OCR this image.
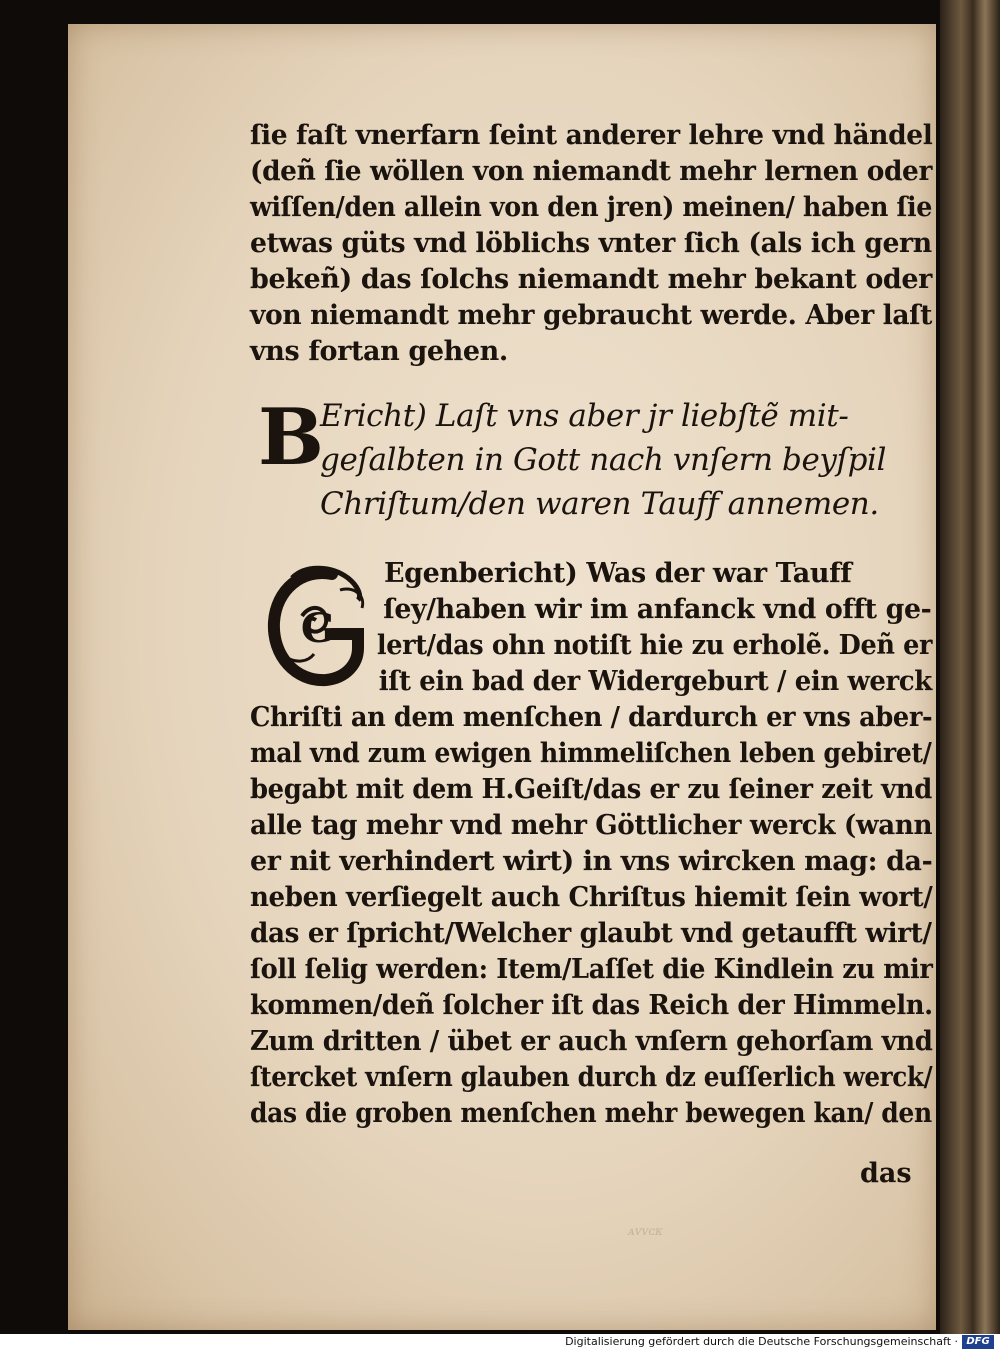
ſie faſt vnerfarn ſeint anderer lehre vnd händel
(deñ ſie wöllen von niemandt mehr lernen oder
wiſſen/den allein von den jren) meinen/ haben ſie
etwas güts vnd löblichs vnter ſich (als ich gern
bekeñ) das ſolchs niemandt mehr bekant oder
von niemandt mehr gebraucht werde. Aber laſt
vns fortan gehen.
Ericht) Laſt vns aber jr liebſtẽ mit-
geſalbten in Gott nach vnſern beyſpil
Chriſtum/den waren Tauff annemen.
Egenbericht) Was der war Tauff
ſey/haben wir im anfanck vnd offt ge-
lert/das ohn notiſt hie zu erholẽ. Deñ er
iſt ein bad der Widergeburt / ein werck
Chriſti an dem menſchen / dardurch er vns aber-
mal vnd zum ewigen himmeliſchen leben gebiret/
begabt mit dem H.Geiſt/das er zu ſeiner zeit vnd
alle tag mehr vnd mehr Göttlicher werck (wann
er nit verhindert wirt) in vns wircken mag: da-
neben verſiegelt auch Chriſtus hiemit ſein wort/
das er ſpricht/Welcher glaubt vnd getaufft wirt/
ſoll ſelig werden: Item/Laſſet die Kindlein zu mir
kommen/deñ ſolcher iſt das Reich der Himmeln.
Zum dritten / übet er auch vnſern gehorſam vnd
ſtercket vnſern glauben durch dz euſſerlich werck/
das die groben menſchen mehr bewegen kan/ den
B
G
das
ᴀᴠᴠᴄᴋ
Digitalisierung gefördert durch die Deutsche Forschungsgemeinschaft · DFG
